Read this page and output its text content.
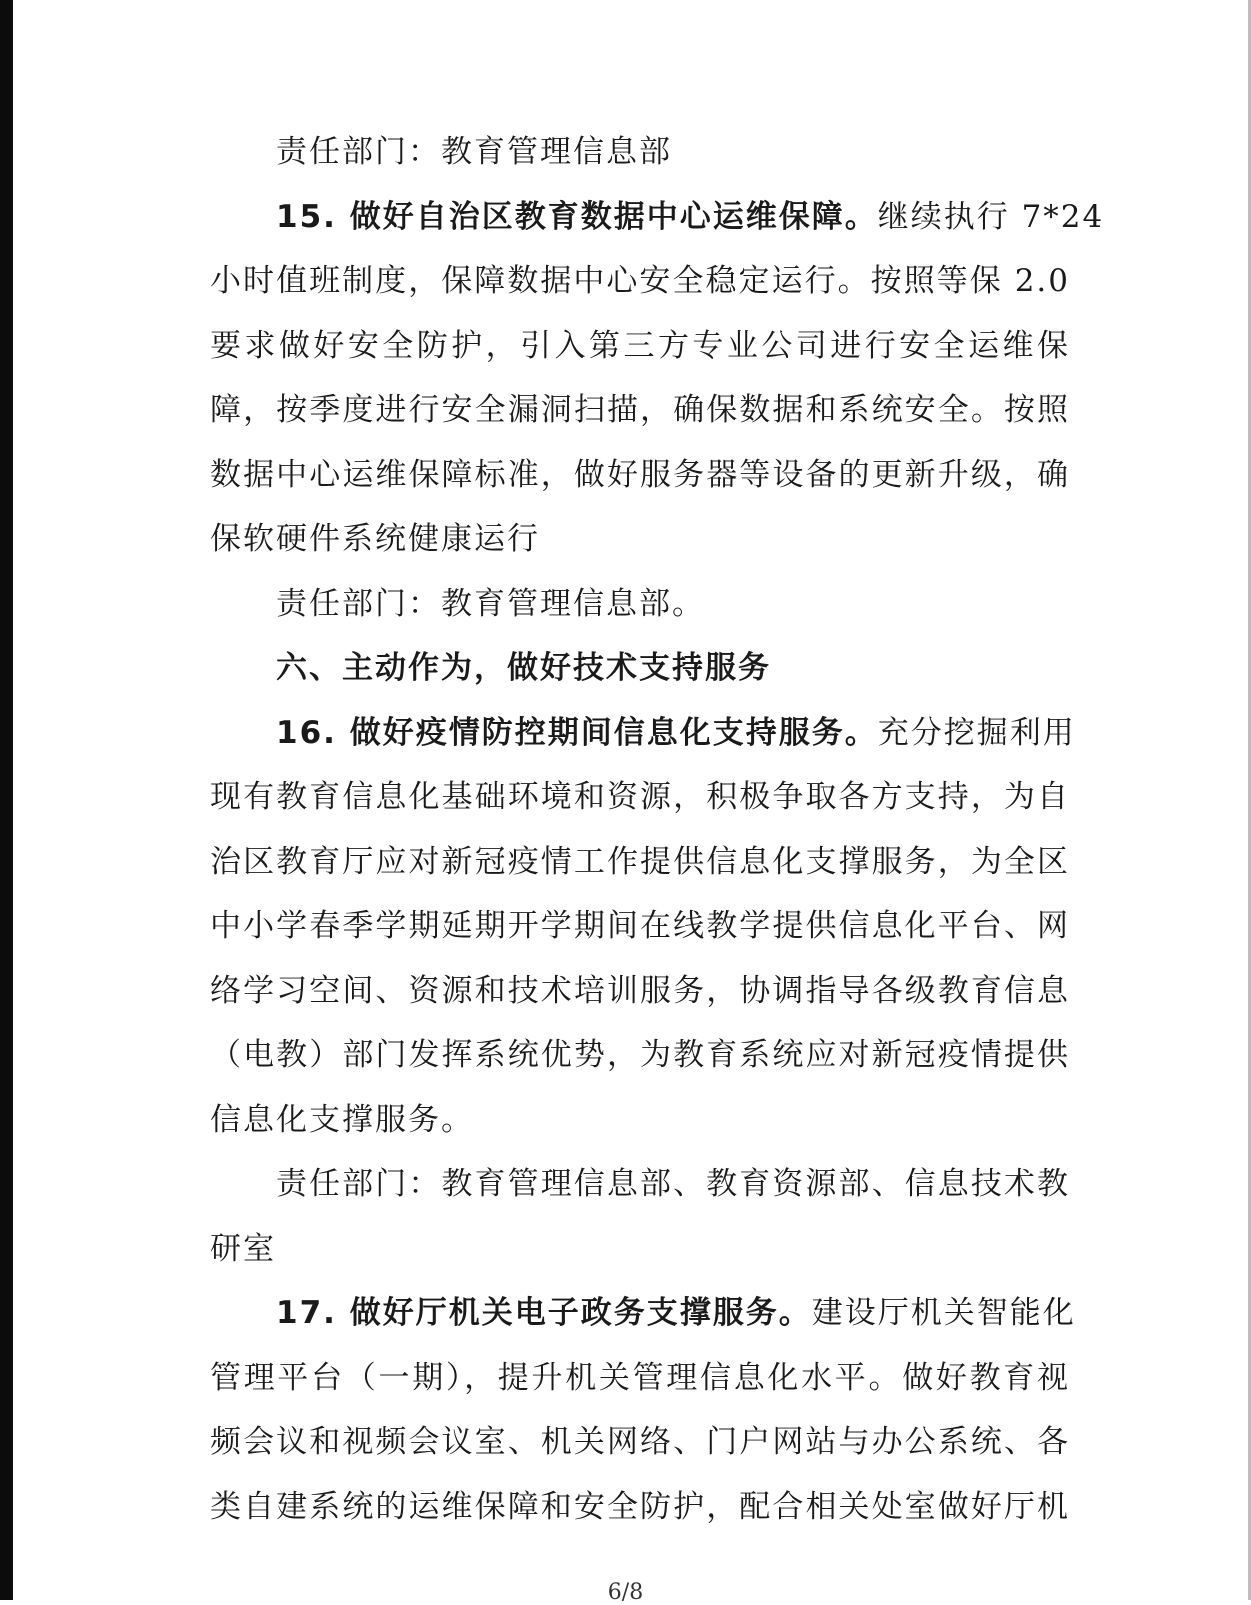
责任部门：教育管理信息部
15. 做好自治区教育数据中心运维保障。继续执行 7*24
小时值班制度，保障数据中心安全稳定运行。按照等保 2.0
要求做好安全防护，引入第三方专业公司进行安全运维保
障，按季度进行安全漏洞扫描，确保数据和系统安全。按照
数据中心运维保障标准，做好服务器等设备的更新升级，确
保软硬件系统健康运行
责任部门：教育管理信息部。
六、主动作为，做好技术支持服务
16. 做好疫情防控期间信息化支持服务。充分挖掘利用
现有教育信息化基础环境和资源，积极争取各方支持，为自
治区教育厅应对新冠疫情工作提供信息化支撑服务，为全区
中小学春季学期延期开学期间在线教学提供信息化平台、网
络学习空间、资源和技术培训服务，协调指导各级教育信息
（电教）部门发挥系统优势，为教育系统应对新冠疫情提供
信息化支撑服务。
责任部门：教育管理信息部、教育资源部、信息技术教
研室
17. 做好厅机关电子政务支撑服务。建设厅机关智能化
管理平台（一期），提升机关管理信息化水平。做好教育视
频会议和视频会议室、机关网络、门户网站与办公系统、各
类自建系统的运维保障和安全防护，配合相关处室做好厅机
6/8
